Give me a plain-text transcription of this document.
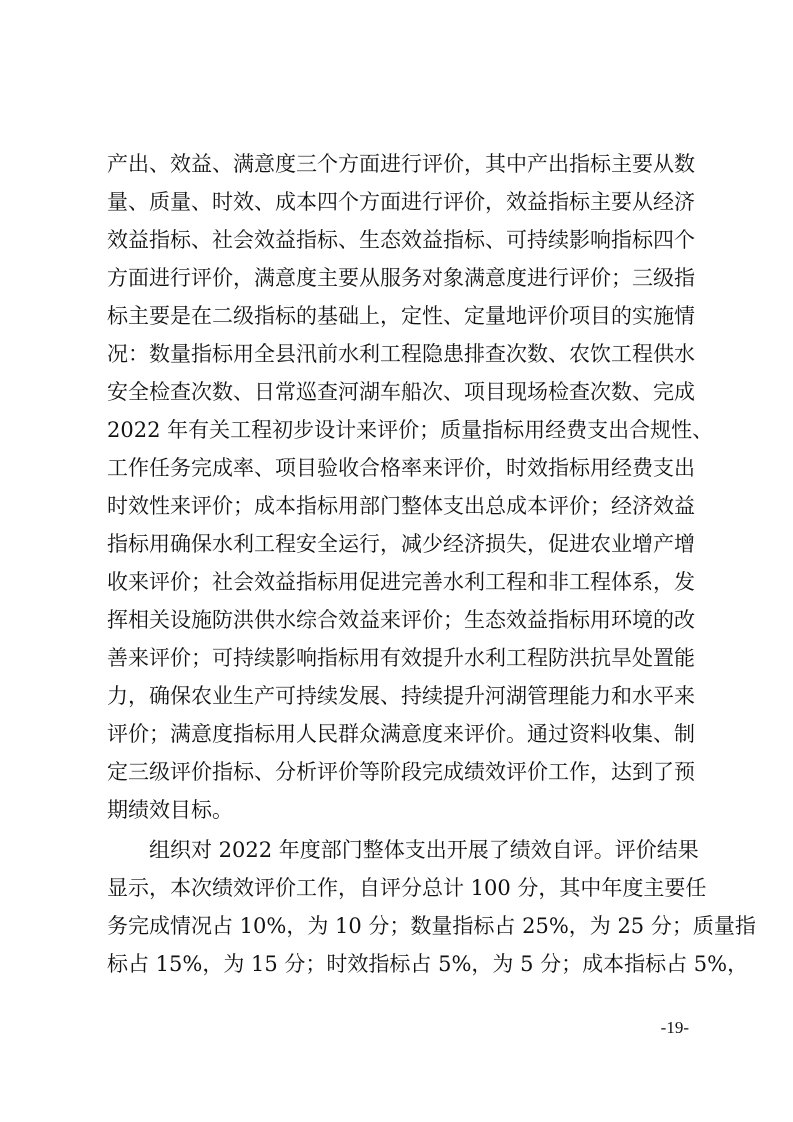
产出、效益、满意度三个方面进行评价，其中产出指标主要从数
量、质量、时效、成本四个方面进行评价，效益指标主要从经济
效益指标、社会效益指标、生态效益指标、可持续影响指标四个
方面进行评价，满意度主要从服务对象满意度进行评价；三级指
标主要是在二级指标的基础上，定性、定量地评价项目的实施情
况：数量指标用全县汛前水利工程隐患排查次数、农饮工程供水
安全检查次数、日常巡查河湖车船次、项目现场检查次数、完成
2022 年有关工程初步设计来评价；质量指标用经费支出合规性、
工作任务完成率、项目验收合格率来评价，时效指标用经费支出
时效性来评价；成本指标用部门整体支出总成本评价；经济效益
指标用确保水利工程安全运行，减少经济损失，促进农业增产增
收来评价；社会效益指标用促进完善水利工程和非工程体系，发
挥相关设施防洪供水综合效益来评价；生态效益指标用环境的改
善来评价；可持续影响指标用有效提升水利工程防洪抗旱处置能
力，确保农业生产可持续发展、持续提升河湖管理能力和水平来
评价；满意度指标用人民群众满意度来评价。通过资料收集、制
定三级评价指标、分析评价等阶段完成绩效评价工作，达到了预
期绩效目标。
组织对 2022 年度部门整体支出开展了绩效自评。评价结果
显示，本次绩效评价工作，自评分总计 100 分，其中年度主要任
务完成情况占 10%，为 10 分；数量指标占 25%，为 25 分；质量指
标占 15%，为 15 分；时效指标占 5%，为 5 分；成本指标占 5%，
-19-
